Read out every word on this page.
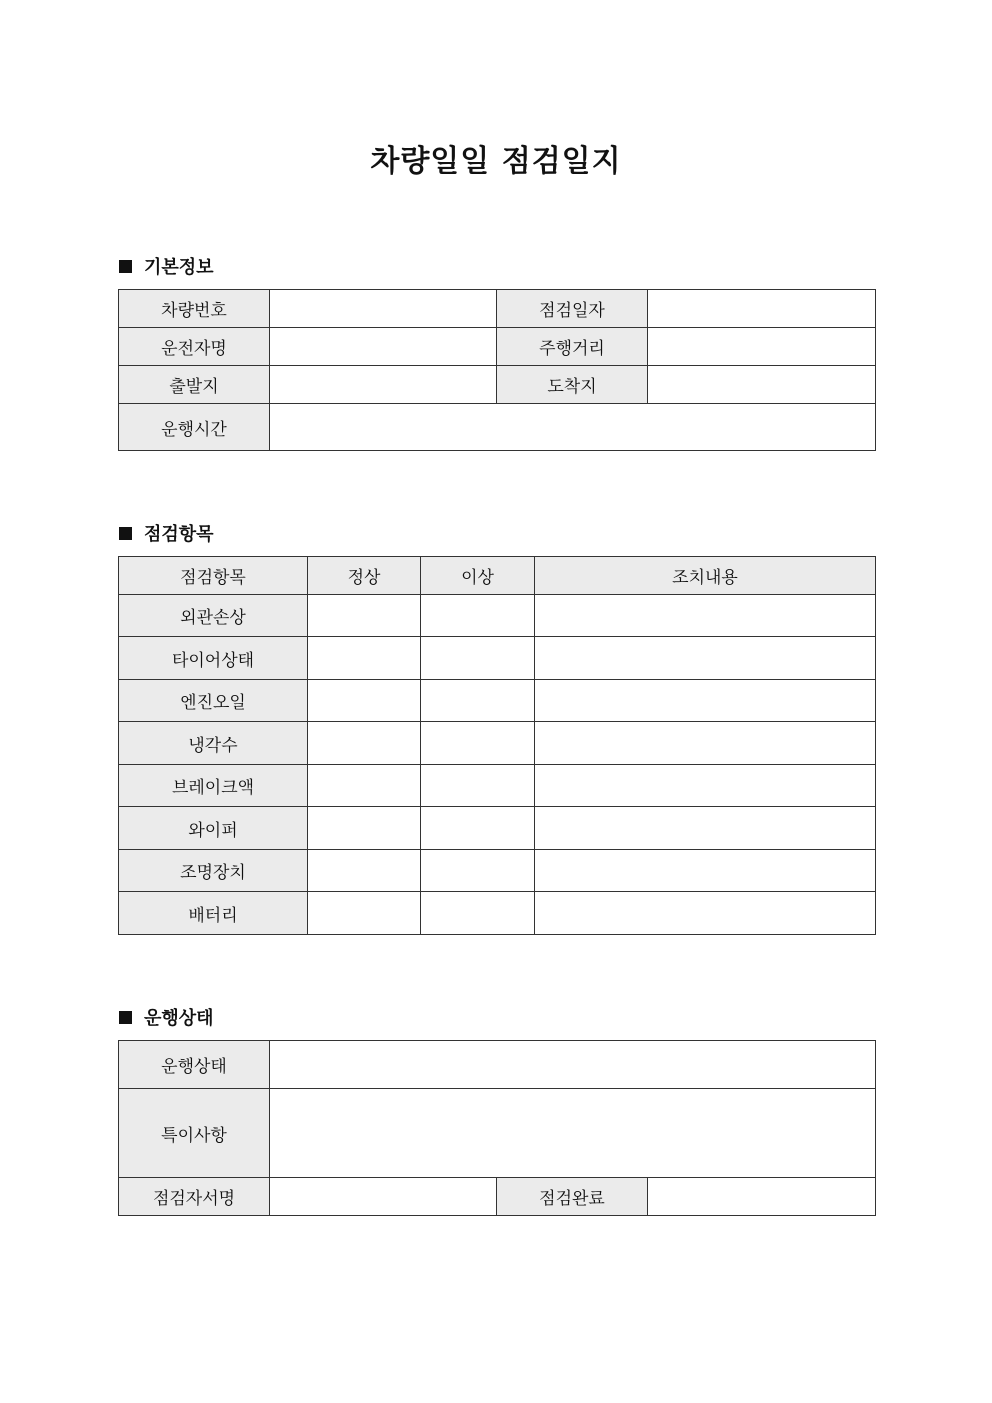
차량일일 점검일지
기본정보
차량번호		점검일자	
운전자명		주행거리	
출발지		도착지	
운행시간			
점검항목
점검항목	정상	이상	조치내용
외관손상			
타이어상태			
엔진오일			
냉각수			
브레이크액			
와이퍼			
조명장치			
배터리			
운행상태
운행상태			
특이사항			
점검자서명		점검완료	
